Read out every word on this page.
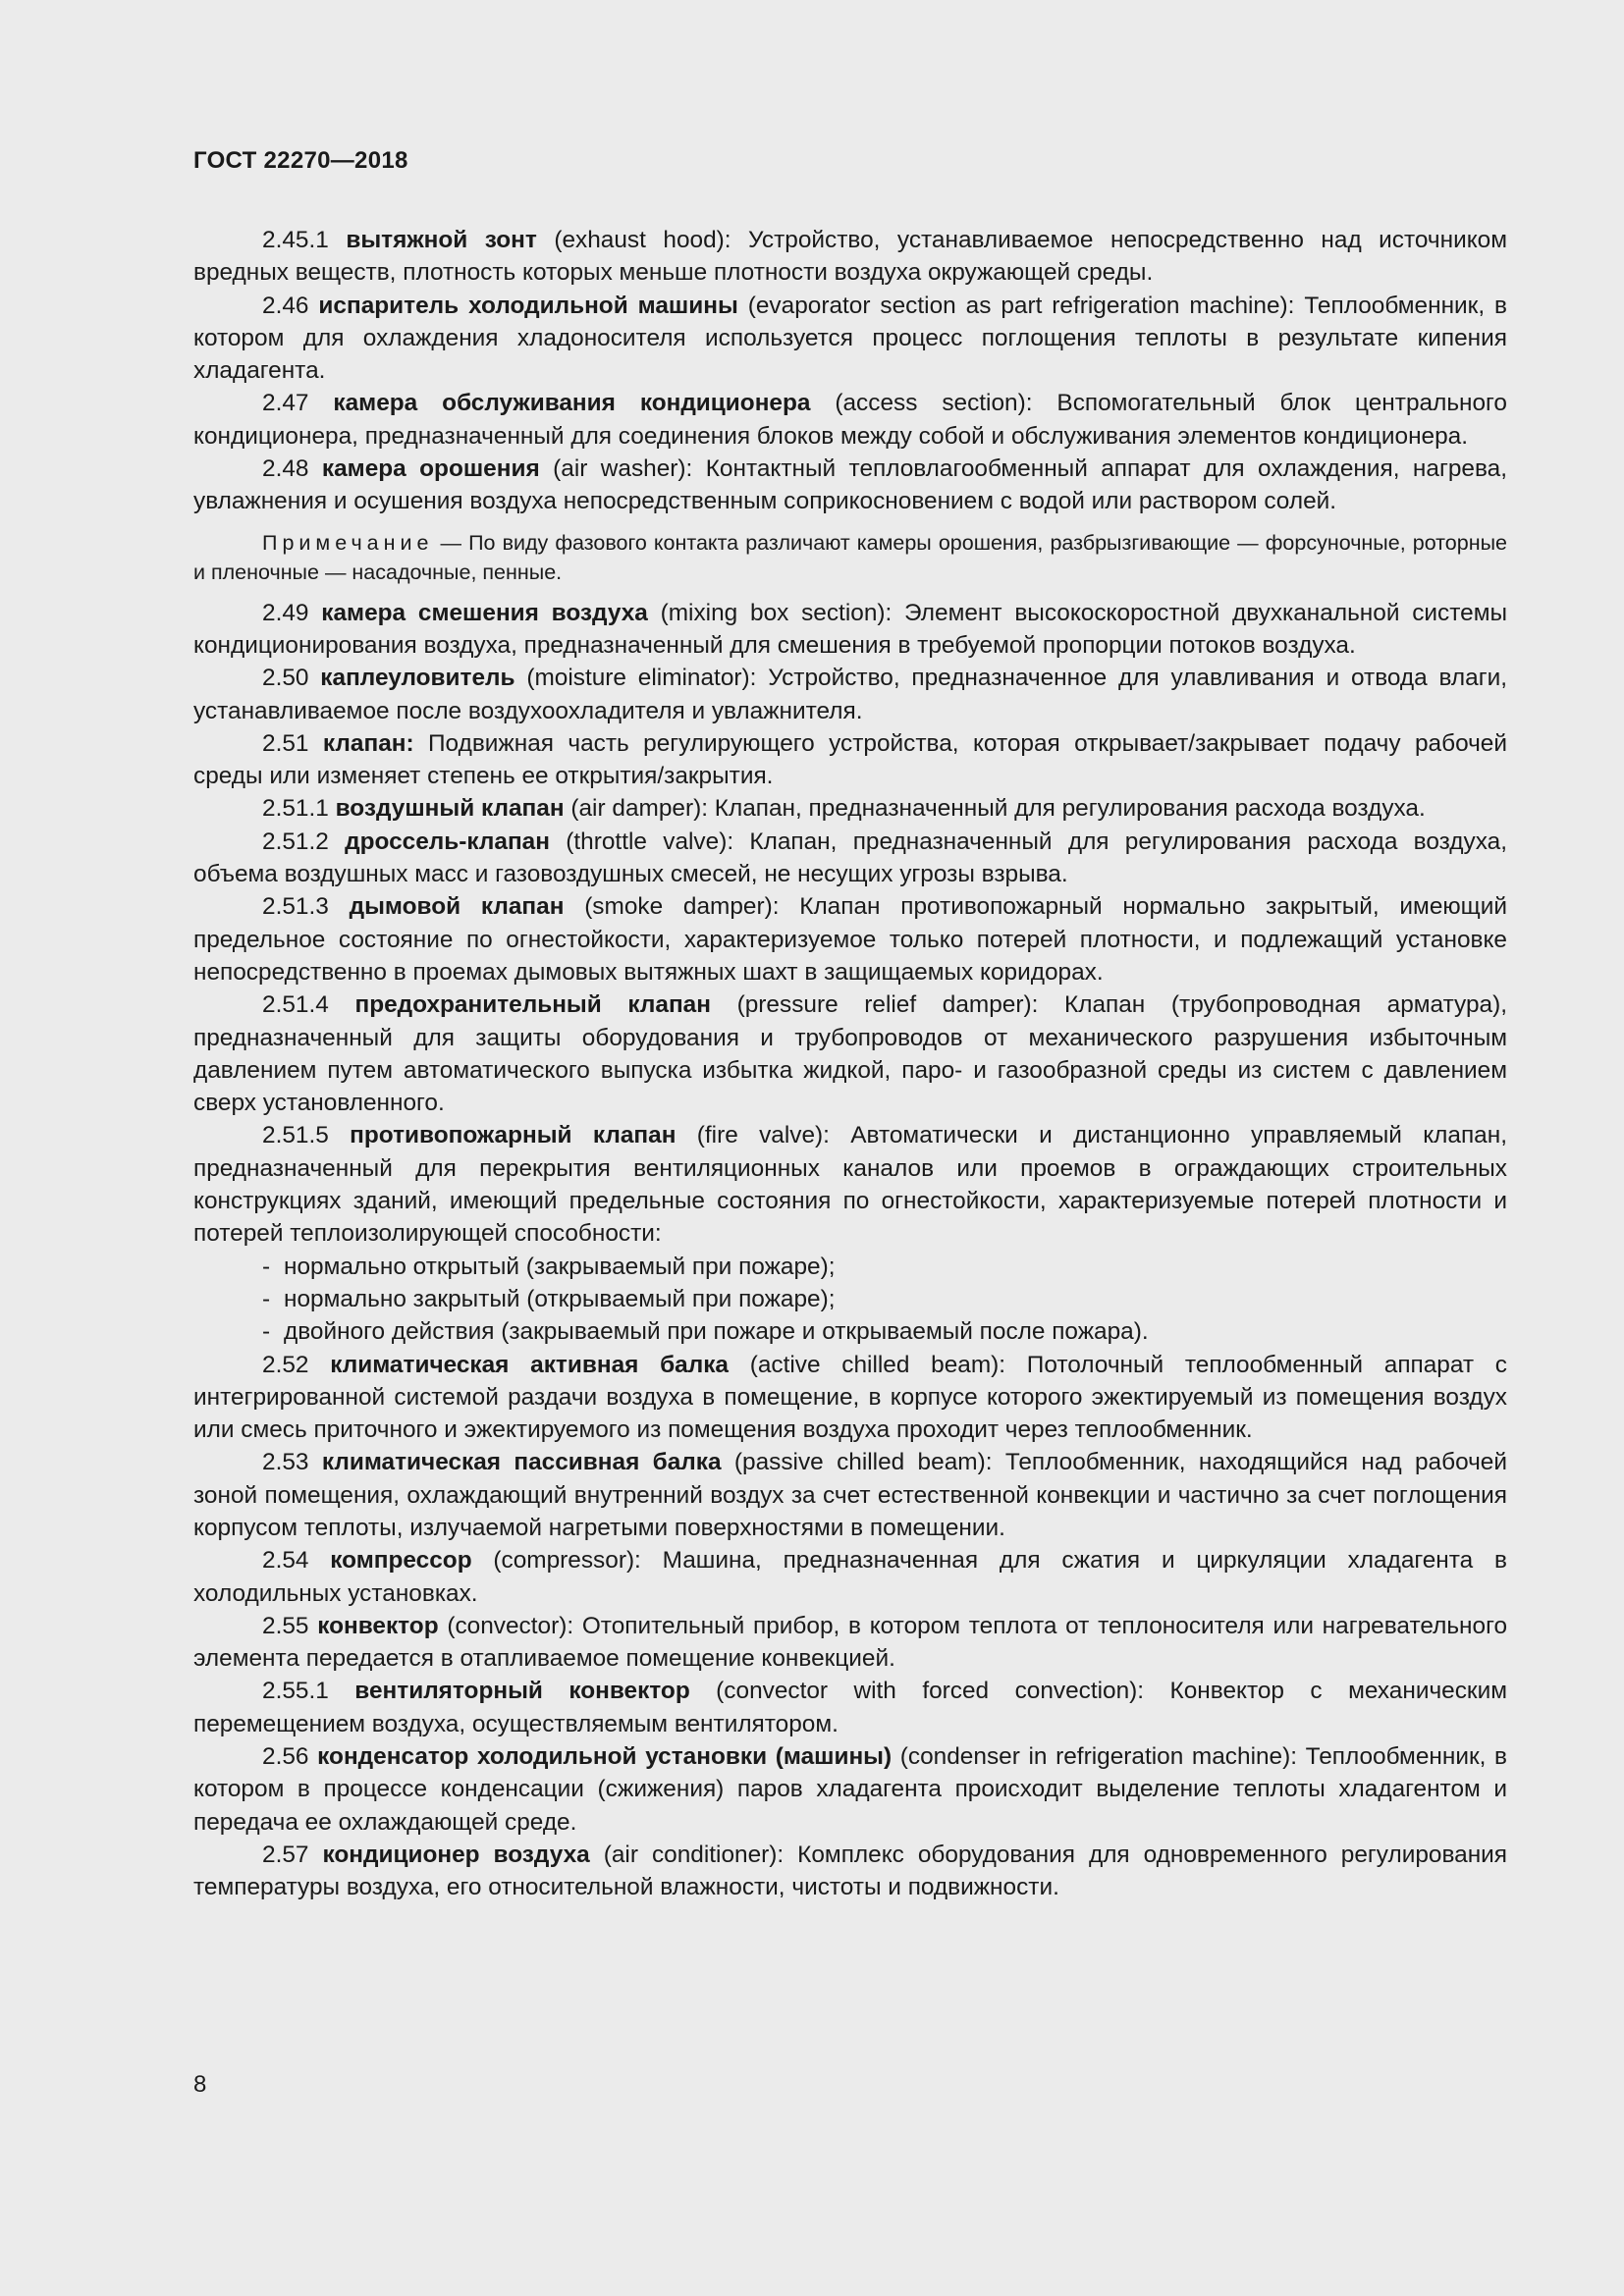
ГОСТ 22270—2018

2.45.1 вытяжной зонт (exhaust hood): Устройство, устанавливаемое непосредственно над источником вредных веществ, плотность которых меньше плотности воздуха окружающей среды.

2.46 испаритель холодильной машины (evaporator section as part refrigeration machine): Теплообменник, в котором для охлаждения хладоносителя используется процесс поглощения теплоты в результате кипения хладагента.

2.47 камера обслуживания кондиционера (access section): Вспомогательный блок центрального кондиционера, предназначенный для соединения блоков между собой и обслуживания элементов кондиционера.

2.48 камера орошения (air washer): Контактный тепловлагообменный аппарат для охлаждения, нагрева, увлажнения и осушения воздуха непосредственным соприкосновением с водой или раствором солей.

Примечание — По виду фазового контакта различают камеры орошения, разбрызгивающие — форсуночные, роторные и пленочные — насадочные, пенные.

2.49 камера смешения воздуха (mixing box section): Элемент высокоскоростной двухканальной системы кондиционирования воздуха, предназначенный для смешения в требуемой пропорции потоков воздуха.

2.50 каплеуловитель (moisture eliminator): Устройство, предназначенное для улавливания и отвода влаги, устанавливаемое после воздухоохладителя и увлажнителя.

2.51 клапан: Подвижная часть регулирующего устройства, которая открывает/закрывает подачу рабочей среды или изменяет степень ее открытия/закрытия.

2.51.1 воздушный клапан (air damper): Клапан, предназначенный для регулирования расхода воздуха.

2.51.2 дроссель-клапан (throttle valve): Клапан, предназначенный для регулирования расхода воздуха, объема воздушных масс и газовоздушных смесей, не несущих угрозы взрыва.

2.51.3 дымовой клапан (smoke damper): Клапан противопожарный нормально закрытый, имеющий предельное состояние по огнестойкости, характеризуемое только потерей плотности, и подлежащий установке непосредственно в проемах дымовых вытяжных шахт в защищаемых коридорах.

2.51.4 предохранительный клапан (pressure relief damper): Клапан (трубопроводная арматура), предназначенный для защиты оборудования и трубопроводов от механического разрушения избыточным давлением путем автоматического выпуска избытка жидкой, паро- и газообразной среды из систем с давлением сверх установленного.

2.51.5 противопожарный клапан (fire valve): Автоматически и дистанционно управляемый клапан, предназначенный для перекрытия вентиляционных каналов или проемов в ограждающих строительных конструкциях зданий, имеющий предельные состояния по огнестойкости, характеризуемые потерей плотности и потерей теплоизолирующей способности:

- нормально открытый (закрываемый при пожаре);

- нормально закрытый (открываемый при пожаре);

- двойного действия (закрываемый при пожаре и открываемый после пожара).

2.52 климатическая активная балка (active chilled beam): Потолочный теплообменный аппарат с интегрированной системой раздачи воздуха в помещение, в корпусе которого эжектируемый из помещения воздух или смесь приточного и эжектируемого из помещения воздуха проходит через теплообменник.

2.53 климатическая пассивная балка (passive chilled beam): Теплообменник, находящийся над рабочей зоной помещения, охлаждающий внутренний воздух за счет естественной конвекции и частично за счет поглощения корпусом теплоты, излучаемой нагретыми поверхностями в помещении.

2.54 компрессор (compressor): Машина, предназначенная для сжатия и циркуляции хладагента в холодильных установках.

2.55 конвектор (convector): Отопительный прибор, в котором теплота от теплоносителя или нагревательного элемента передается в отапливаемое помещение конвекцией.

2.55.1 вентиляторный конвектор (convector with forced convection): Конвектор с механическим перемещением воздуха, осуществляемым вентилятором.

2.56 конденсатор холодильной установки (машины) (condenser in refrigeration machine): Теплообменник, в котором в процессе конденсации (сжижения) паров хладагента происходит выделение теплоты хладагентом и передача ее охлаждающей среде.

2.57 кондиционер воздуха (air conditioner): Комплекс оборудования для одновременного регулирования температуры воздуха, его относительной влажности, чистоты и подвижности.

8
